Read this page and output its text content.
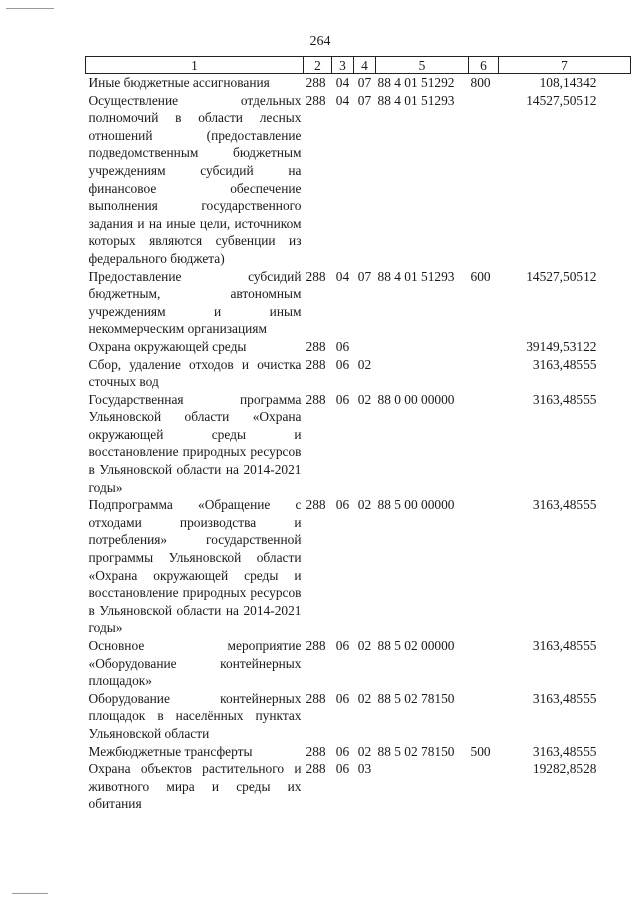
264
1	2	3	4	5	6	7
Иные бюджетные ассигнования	288	04	07	88 4 01 51292	800	108,14342
Осуществление отдельных полномочий в области лесных отношений (предоставление подведомственным бюджетным учреждениям субсидий на финансовое обеспечение выполнения государственного задания и на иные цели, источником которых являются субвенции из федерального бюджета)	288	04	07	88 4 01 51293		14527,50512
Предоставление субсидий бюджетным, автономным учреждениям и иным некоммерческим организациям	288	04	07	88 4 01 51293	600	14527,50512
Охрана окружающей среды	288	06				39149,53122
Сбор, удаление отходов и очистка сточных вод	288	06	02			3163,48555
Государственная программа Ульяновской области «Охрана окружающей среды и восстановление природных ресурсов в Ульяновской области на 2014-2021 годы»	288	06	02	88 0 00 00000		3163,48555
Подпрограмма «Обращение с отходами производства и потребления» государственной программы Ульяновской области «Охрана окружающей среды и восстановление природных ресурсов в Ульяновской области на 2014-2021 годы»	288	06	02	88 5 00 00000		3163,48555
Основное мероприятие «Оборудование контейнерных площадок»	288	06	02	88 5 02 00000		3163,48555
Оборудование контейнерных площадок в населённых пунктах Ульяновской области	288	06	02	88 5 02 78150		3163,48555
Межбюджетные трансферты	288	06	02	88 5 02 78150	500	3163,48555
Охрана объектов растительного и животного мира и среды их обитания	288	06	03			19282,8528
